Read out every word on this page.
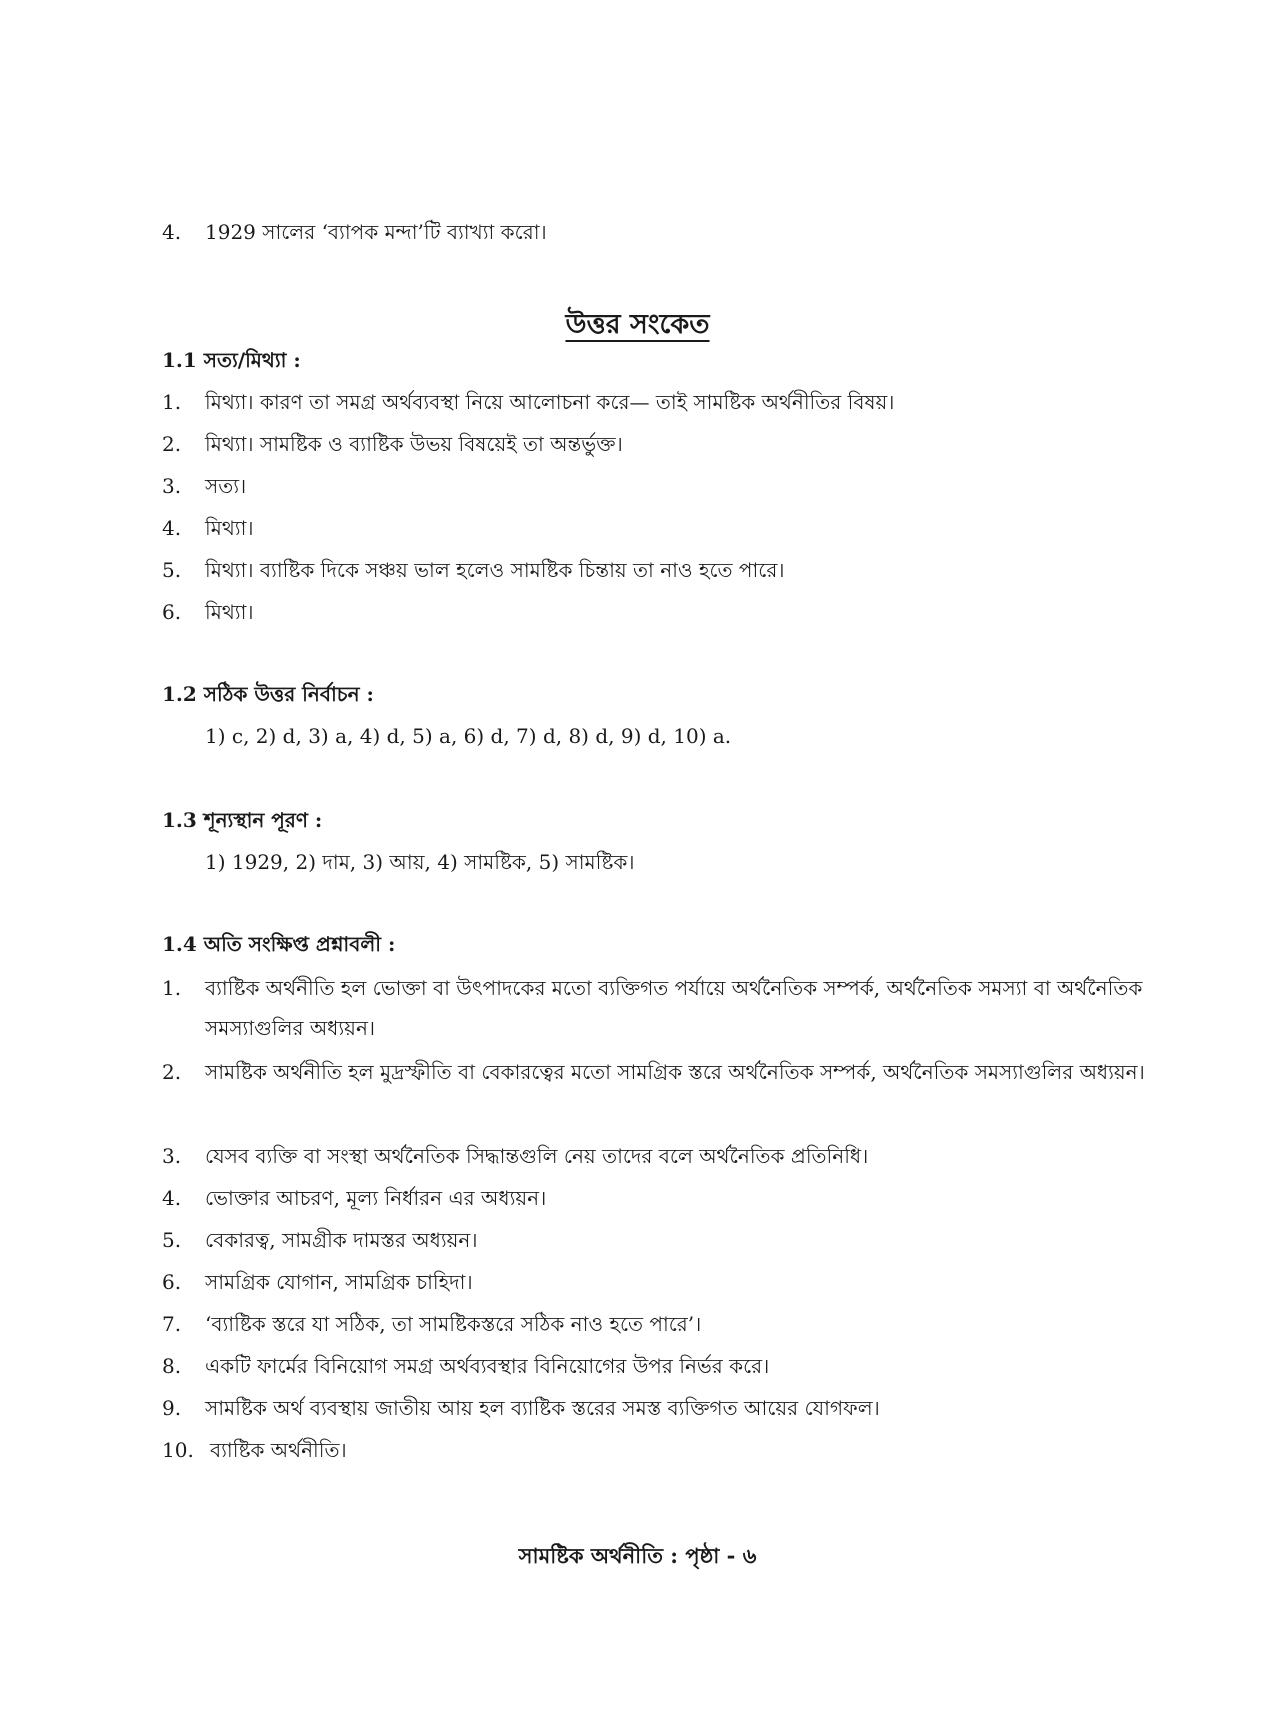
4. 1929 সালের ‘ব্যাপক মন্দা’টি ব্যাখ্যা করো।
উত্তর সংকেত
1.1 সত্য/মিথ্যা :
1. মিথ্যা। কারণ তা সমগ্র অর্থব্যবস্থা নিয়ে আলোচনা করে— তাই সামষ্টিক অর্থনীতির বিষয়।
2. মিথ্যা। সামষ্টিক ও ব্যাষ্টিক উভয় বিষয়েই তা অন্তর্ভুক্ত।
3. সত্য।
4. মিথ্যা।
5. মিথ্যা। ব্যাষ্টিক দিকে সঞ্চয় ভাল হলেও সামষ্টিক চিন্তায় তা নাও হতে পারে।
6. মিথ্যা।
1.2 সঠিক উত্তর নির্বাচন :
1) c, 2) d, 3) a, 4) d, 5) a, 6) d, 7) d, 8) d, 9) d, 10) a.
1.3 শূন্যস্থান পূরণ :
1) 1929, 2) দাম, 3) আয়, 4) সামষ্টিক, 5) সামষ্টিক।
1.4 অতি সংক্ষিপ্ত প্রশ্নাবলী :
1. ব্যাষ্টিক অর্থনীতি হল ভোক্তা বা উৎপাদকের মতো ব্যক্তিগত পর্যায়ে অর্থনৈতিক সম্পর্ক, অর্থনৈতিক সমস্যা বা অর্থনৈতিক সমস্যাগুলির অধ্যয়ন।
2. সামষ্টিক অর্থনীতি হল মুদ্রস্ফীতি বা বেকারত্বের মতো সামগ্রিক স্তরে অর্থনৈতিক সম্পর্ক, অর্থনৈতিক সমস্যাগুলির অধ্যয়ন।
3. যেসব ব্যক্তি বা সংস্থা অর্থনৈতিক সিদ্ধান্তগুলি নেয় তাদের বলে অর্থনৈতিক প্রতিনিধি।
4. ভোক্তার আচরণ, মূল্য নির্ধারন এর অধ্যয়ন।
5. বেকারত্ব, সামগ্রীক দামস্তর অধ্যয়ন।
6. সামগ্রিক যোগান, সামগ্রিক চাহিদা।
7. ‘ব্যাষ্টিক স্তরে যা সঠিক, তা সামষ্টিকস্তরে সঠিক নাও হতে পারে’।
8. একটি ফার্মের বিনিয়োগ সমগ্র অর্থব্যবস্থার বিনিয়োগের উপর নির্ভর করে।
9. সামষ্টিক অর্থ ব্যবস্থায় জাতীয় আয় হল ব্যাষ্টিক স্তরের সমস্ত ব্যক্তিগত আয়ের যোগফল।
10. ব্যাষ্টিক অর্থনীতি।
সামষ্টিক অর্থনীতি : পৃষ্ঠা - ৬
